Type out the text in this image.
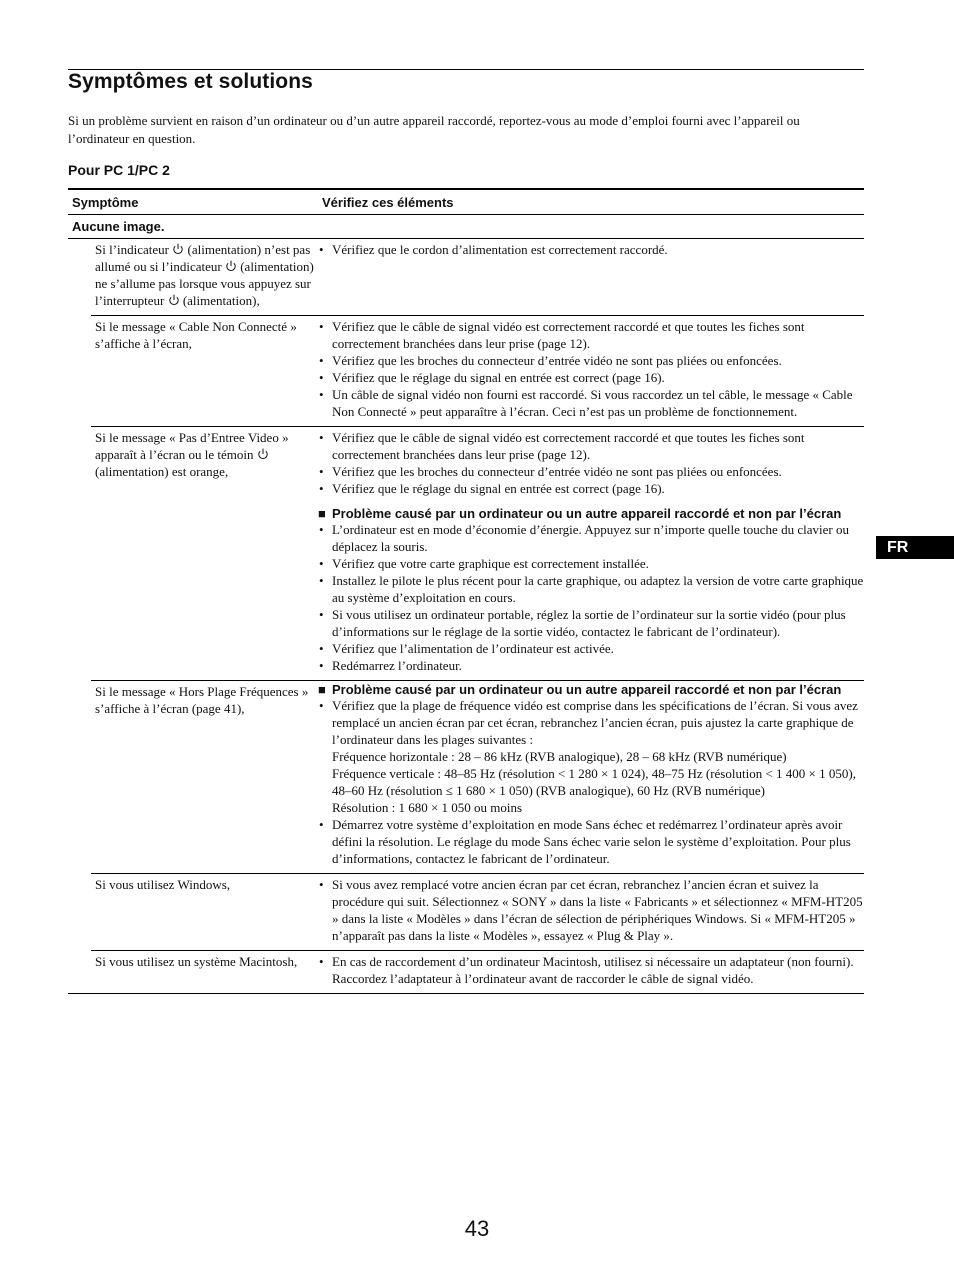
Symptômes et solutions

Si un problème survient en raison d’un ordinateur ou d’un autre appareil raccordé, reportez-vous au mode d’emploi fourni avec l’appareil ou l’ordinateur en question.

Pour PC 1/PC 2

Symptôme	Vérifiez ces éléments
Aucune image.
Si l’indicateur  (alimentation) n’est pas allumé ou si l’indicateur  (alimentation) ne s’allume pas lorsque vous appuyez sur l’interrupteur  (alimentation),
• Vérifiez que le cordon d’alimentation est correctement raccordé.
Si le message « Cable Non Connecté » s’affiche à l’écran,
• Vérifiez que le câble de signal vidéo est correctement raccordé et que toutes les fiches sont correctement branchées dans leur prise (page 12).
• Vérifiez que les broches du connecteur d’entrée vidéo ne sont pas pliées ou enfoncées.
• Vérifiez que le réglage du signal en entrée est correct (page 16).
• Un câble de signal vidéo non fourni est raccordé. Si vous raccordez un tel câble, le message « Cable Non Connecté » peut apparaître à l’écran. Ceci n’est pas un problème de fonctionnement.
Si le message « Pas d’Entree Video » apparaît à l’écran ou le témoin  (alimentation) est orange,
• Vérifiez que le câble de signal vidéo est correctement raccordé et que toutes les fiches sont correctement branchées dans leur prise (page 12).
• Vérifiez que les broches du connecteur d’entrée vidéo ne sont pas pliées ou enfoncées.
• Vérifiez que le réglage du signal en entrée est correct (page 16).
■ Problème causé par un ordinateur ou un autre appareil raccordé et non par l’écran
• L’ordinateur est en mode d’économie d’énergie. Appuyez sur n’importe quelle touche du clavier ou déplacez la souris.
• Vérifiez que votre carte graphique est correctement installée.
• Installez le pilote le plus récent pour la carte graphique, ou adaptez la version de votre carte graphique au système d’exploitation en cours.
• Si vous utilisez un ordinateur portable, réglez la sortie de l’ordinateur sur la sortie vidéo (pour plus d’informations sur le réglage de la sortie vidéo, contactez le fabricant de l’ordinateur).
• Vérifiez que l’alimentation de l’ordinateur est activée.
• Redémarrez l’ordinateur.
Si le message « Hors Plage Fréquences » s’affiche à l’écran (page 41),
■ Problème causé par un ordinateur ou un autre appareil raccordé et non par l’écran
• Vérifiez que la plage de fréquence vidéo est comprise dans les spécifications de l’écran. Si vous avez remplacé un ancien écran par cet écran, rebranchez l’ancien écran, puis ajustez la carte graphique de l’ordinateur dans les plages suivantes :
Fréquence horizontale : 28 – 86 kHz (RVB analogique), 28 – 68 kHz (RVB numérique)
Fréquence verticale : 48–85 Hz (résolution < 1 280 × 1 024), 48–75 Hz (résolution < 1 400 × 1 050), 48–60 Hz (résolution ≤ 1 680 × 1 050) (RVB analogique), 60 Hz (RVB numérique)
Résolution : 1 680 × 1 050 ou moins
• Démarrez votre système d’exploitation en mode Sans échec et redémarrez l’ordinateur après avoir défini la résolution. Le réglage du mode Sans échec varie selon le système d’exploitation. Pour plus d’informations, contactez le fabricant de l’ordinateur.
Si vous utilisez Windows,	• Si vous avez remplacé votre ancien écran par cet écran, rebranchez l’ancien écran et suivez la procédure qui suit. Sélectionnez « SONY » dans la liste « Fabricants » et sélectionnez « MFM-HT205 » dans la liste « Modèles » dans l’écran de sélection de périphériques Windows. Si « MFM-HT205 » n’apparaît pas dans la liste « Modèles », essayez « Plug & Play ».
Si vous utilisez un système Macintosh,	• En cas de raccordement d’un ordinateur Macintosh, utilisez si nécessaire un adaptateur (non fourni). Raccordez l’adaptateur à l’ordinateur avant de raccorder le câble de signal vidéo.
FR
43
